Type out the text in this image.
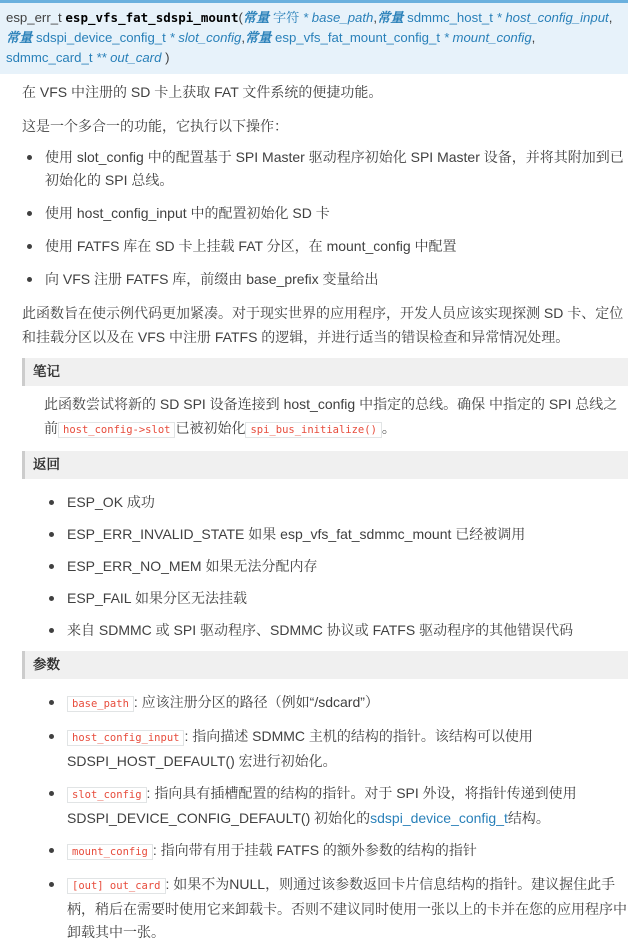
esp_err_t esp_vfs_fat_sdspi_mount(常量 字符 * base_path,常量 sdmmc_host_t * host_config_input, 常量 sdspi_device_config_t * slot_config,常量 esp_vfs_fat_mount_config_t * mount_config, sdmmc_card_t ** out_card )

在 VFS 中注册的 SD 卡上获取 FAT 文件系统的便捷功能。

这是一个多合一的功能，它执行以下操作：

使用 slot_config 中的配置基于 SPI Master 驱动程序初始化 SPI Master 设备，并将其附加到已初始化的 SPI 总线。
使用 host_config_input 中的配置初始化 SD 卡
使用 FATFS 库在 SD 卡上挂载 FAT 分区，在 mount_config 中配置
向 VFS 注册 FATFS 库，前缀由 base_prefix 变量给出

此函数旨在使示例代码更加紧凑。对于现实世界的应用程序，开发人员应该实现探测 SD 卡、定位和挂载分区以及在 VFS 中注册 FATFS 的逻辑，并进行适当的错误检查和异常情况处理。

笔记

此函数尝试将新的 SD SPI 设备连接到 host_config 中指定的总线。确保 中指定的 SPI 总线之前 host_config->slot 已被初始化 spi_bus_initialize() 。

返回
ESP_OK 成功
ESP_ERR_INVALID_STATE 如果 esp_vfs_fat_sdmmc_mount 已经被调用
ESP_ERR_NO_MEM 如果无法分配内存
ESP_FAIL 如果分区无法挂载
来自 SDMMC 或 SPI 驱动程序、SDMMC 协议或 FATFS 驱动程序的其他错误代码
参数
base_path : 应该注册分区的路径（例如“/sdcard”）
host_config_input : 指向描述 SDMMC 主机的结构的指针。该结构可以使用 SDSPI_HOST_DEFAULT() 宏进行初始化。
slot_config : 指向具有插槽配置的结构的指针。对于 SPI 外设，将指针传递到使用 SDSPI_DEVICE_CONFIG_DEFAULT() 初始化的sdspi_device_config_t结构。
mount_config : 指向带有用于挂载 FATFS 的额外参数的结构的指针
[out] out_card : 如果不为NULL，则通过该参数返回卡片信息结构的指针。建议握住此手柄，稍后在需要时使用它来卸载卡。否则不建议同时使用一张以上的卡并在您的应用程序中卸载其中一张。
